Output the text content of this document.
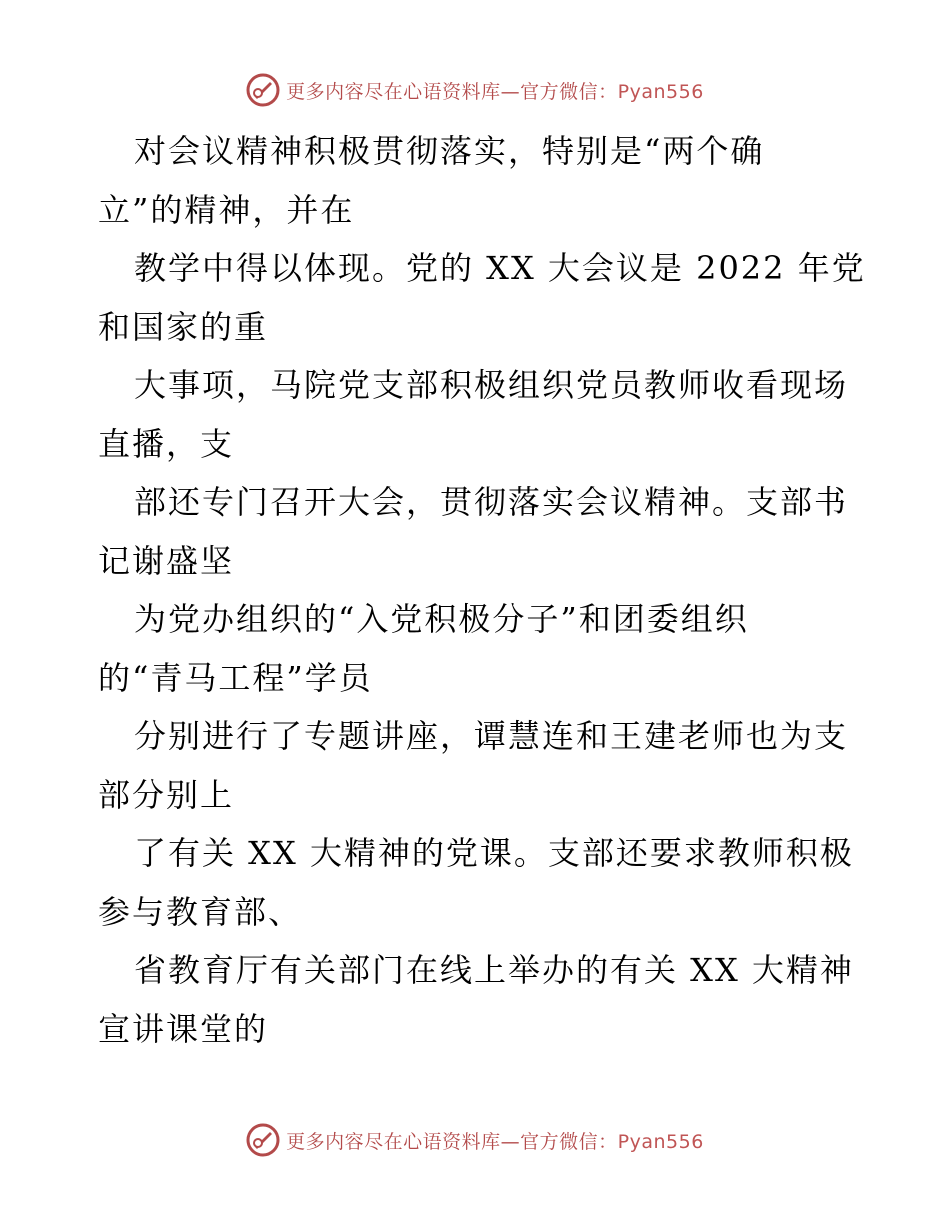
更多内容尽在心语资料库—官方微信：Pyan556
对会议精神积极贯彻落实，特别是“两个确
立”的精神，并在
教学中得以体现。党的 XX 大会议是 2022 年党
和国家的重
大事项，马院党支部积极组织党员教师收看现场
直播，支
部还专门召开大会，贯彻落实会议精神。支部书
记谢盛坚
为党办组织的“入党积极分子”和团委组织
的“青马工程”学员
分别进行了专题讲座，谭慧连和王建老师也为支
部分别上
了有关 XX 大精神的党课。支部还要求教师积极
参与教育部、
省教育厅有关部门在线上举办的有关 XX 大精神
宣讲课堂的
更多内容尽在心语资料库—官方微信：Pyan556
